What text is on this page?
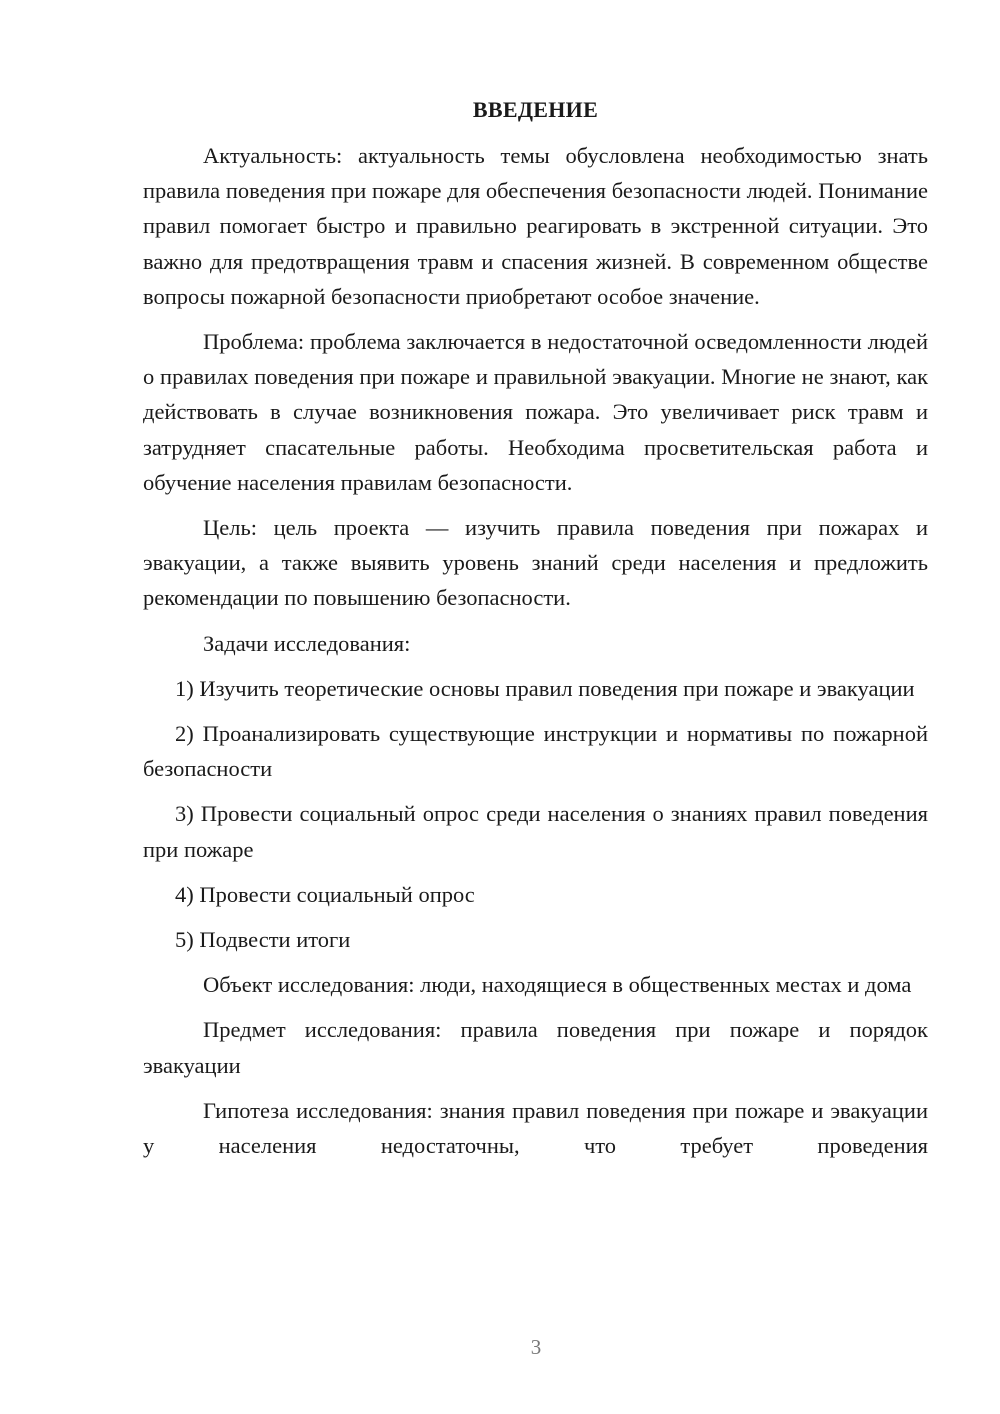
ВВЕДЕНИЕ

Актуальность: актуальность темы обусловлена необходимостью знать правила поведения при пожаре для обеспечения безопасности людей. Понимание правил помогает быстро и правильно реагировать в экстренной ситуации. Это важно для предотвращения травм и спасения жизней. В современном обществе вопросы пожарной безопасности приобретают особое значение.

Проблема: проблема заключается в недостаточной осведомленности людей о правилах поведения при пожаре и правильной эвакуации. Многие не знают, как действовать в случае возникновения пожара. Это увеличивает риск травм и затрудняет спасательные работы. Необходима просветительская работа и обучение населения правилам безопасности.

Цель: цель проекта — изучить правила поведения при пожарах и эвакуации, а также выявить уровень знаний среди населения и предложить рекомендации по повышению безопасности.

Задачи исследования:

1) Изучить теоретические основы правил поведения при пожаре и эвакуации

2) Проанализировать существующие инструкции и нормативы по пожарной безопасности

3) Провести социальный опрос среди населения о знаниях правил поведения при пожаре

4) Провести социальный опрос

5) Подвести итоги

Объект исследования: люди, находящиеся в общественных местах и дома

Предмет исследования: правила поведения при пожаре и порядок эвакуации

Гипотеза исследования: знания правил поведения при пожаре и эвакуации у населения недостаточны, что требует проведения

3
